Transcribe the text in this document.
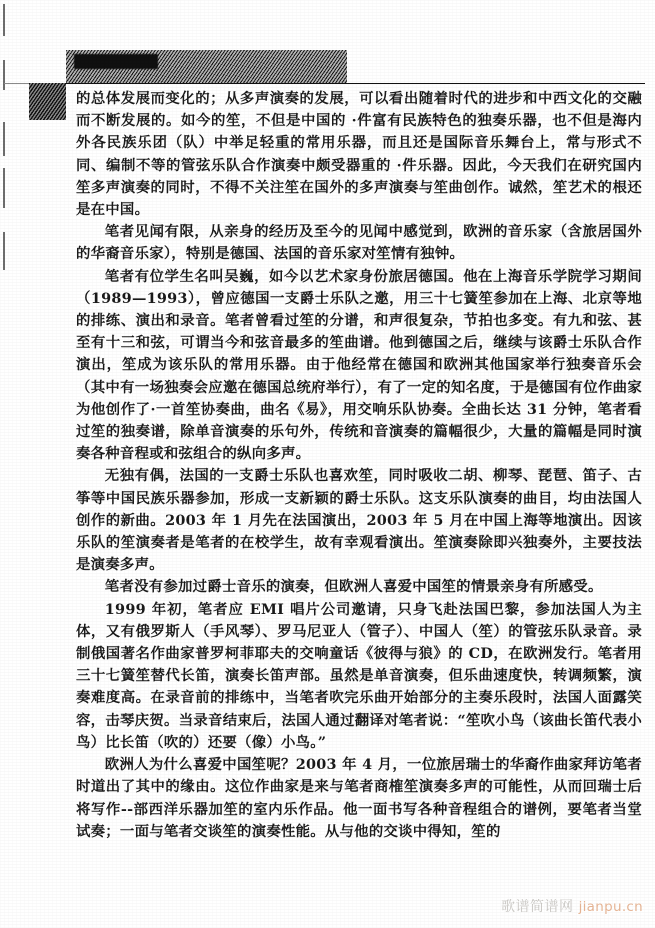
的总体发展而变化的；从多声演奏的发展，可以看出随着时代的进步和中西文化的交融而不断发展的。如今的笙，不但是中国的 ·件富有民族特色的独奏乐器，也不但是海内外各民族乐团（队）中举足轻重的常用乐器，而且还是国际音乐舞台上，常与形式不同、编制不等的管弦乐队合作演奏中颇受器重的 ·件乐器。因此，今天我们在研究国内笙多声演奏的同时，不得不关注笙在国外的多声演奏与笙曲创作。诚然，笙艺术的根还是在中国。

笔者见闻有限，从亲身的经历及至今的见闻中感觉到，欧洲的音乐家（含旅居国外的华裔音乐家），特别是德国、法国的音乐家对笙情有独钟。

笔者有位学生名叫吴巍，如今以艺术家身份旅居德国。他在上海音乐学院学习期间（1989—1993），曾应德国一支爵士乐队之邀，用三十七簧笙参加在上海、北京等地的排练、演出和录音。笔者曾看过笙的分谱，和声很复杂，节拍也多变。有九和弦、甚至有十三和弦，可谓当今和弦音最多的笙曲谱。他到德国之后，继续与该爵士乐队合作演出，笙成为该乐队的常用乐器。由于他经常在德国和欧洲其他国家举行独奏音乐会（其中有一场独奏会应邀在德国总统府举行），有了一定的知名度，于是德国有位作曲家为他创作了·一首笙协奏曲，曲名《易》，用交响乐队协奏。全曲长达 31 分钟，笔者看过笙的独奏谱，除单音演奏的乐句外，传统和音演奏的篇幅很少，大量的篇幅是同时演奏各种音程或和弦组合的纵向多声。

无独有偶，法国的一支爵士乐队也喜欢笙，同时吸收二胡、柳琴、琵琶、笛子、古筝等中国民族乐器参加，形成一支新颖的爵士乐队。这支乐队演奏的曲目，均由法国人创作的新曲。2003 年 1 月先在法国演出，2003 年 5 月在中国上海等地演出。因该乐队的笙演奏者是笔者的在校学生，故有幸观看演出。笙演奏除即兴独奏外，主要技法是演奏多声。

笔者没有参加过爵士音乐的演奏，但欧洲人喜爱中国笙的情景亲身有所感受。

1999 年初，笔者应 EMI 唱片公司邀请，只身飞赴法国巴黎，参加法国人为主体，又有俄罗斯人（手风琴）、罗马尼亚人（管子）、中国人（笙）的管弦乐队录音。录制俄国著名作曲家普罗柯菲耶夫的交响童话《彼得与狼》的 CD，在欧洲发行。笔者用三十七簧笙替代长笛，演奏长笛声部。虽然是单音演奏，但乐曲速度快，转调频繁，演奏难度高。在录音前的排练中，当笔者吹完乐曲开始部分的主奏乐段时，法国人面露笑容，击琴庆贺。当录音结束后，法国人通过翻译对笔者说：“笙吹小鸟（该曲长笛代表小鸟）比长笛（吹的）还要（像）小鸟。”

欧洲人为什么喜爱中国笙呢？2003 年 4 月，一位旅居瑞士的华裔作曲家拜访笔者时道出了其中的缘由。这位作曲家是来与笔者商榷笙演奏多声的可能性，从而回瑞士后将写作--部西洋乐器加笙的室内乐作品。他一面书写各种音程组合的谱例，要笔者当堂试奏；一面与笔者交谈笙的演奏性能。从与他的交谈中得知，笙的

歌谱简谱网 jianpu.cn
